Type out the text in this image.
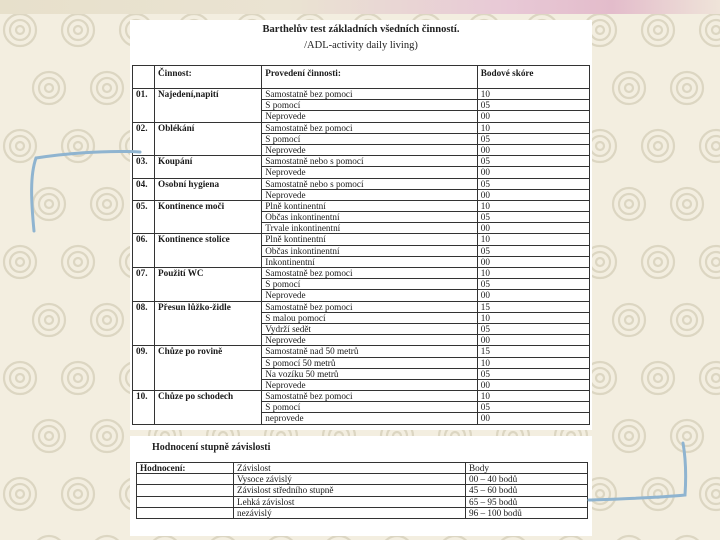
Barthelův test základních všedních činností.
/ADL-activity daily living)
	Činnost:	Provedení činnosti:	Bodové skóre
01.	Najedení,napití	Samostatně bez pomoci	10
		S pomocí	05
		Neprovede	00
02.	Oblékání	Samostatně bez pomoci	10
		S pomocí	05
		Neprovede	00
03.	Koupání	Samostatně nebo s pomocí	05
		Neprovede	00
04.	Osobní hygiena	Samostatně nebo s pomocí	05
		Neprovede	00
05.	Kontinence moči	Plně kontinentní	10
		Občas inkontinentní	05
		Trvale inkontinentní	00
06.	Kontinence stolice	Plně kontinentní	10
		Občas inkontinentní	05
		Inkontinentní	00
07.	Použití WC	Samostatně bez pomoci	10
		S pomocí	05
		Neprovede	00
08.	Přesun lůžko-židle	Samostatně bez pomoci	15
		S malou pomocí	10
		Vydrží sedět	05
		Neprovede	00
09.	Chůze po rovině	Samostatně nad 50 metrů	15
		S pomocí 50 metrů	10
		Na vozíku 50 metrů	05
		Neprovede	00
10.	Chůze po schodech	Samostatně bez pomoci	10
		S pomocí	05
		neprovede	00
Hodnocení stupně závislosti
Hodnocení:	Závislost	Body
	Vysoce závislý	00 – 40 bodů
	Závislost středního stupně	45 – 60 bodů
	Lehká závislost	65 – 95 bodů
	nezávislý	96 – 100 bodů
